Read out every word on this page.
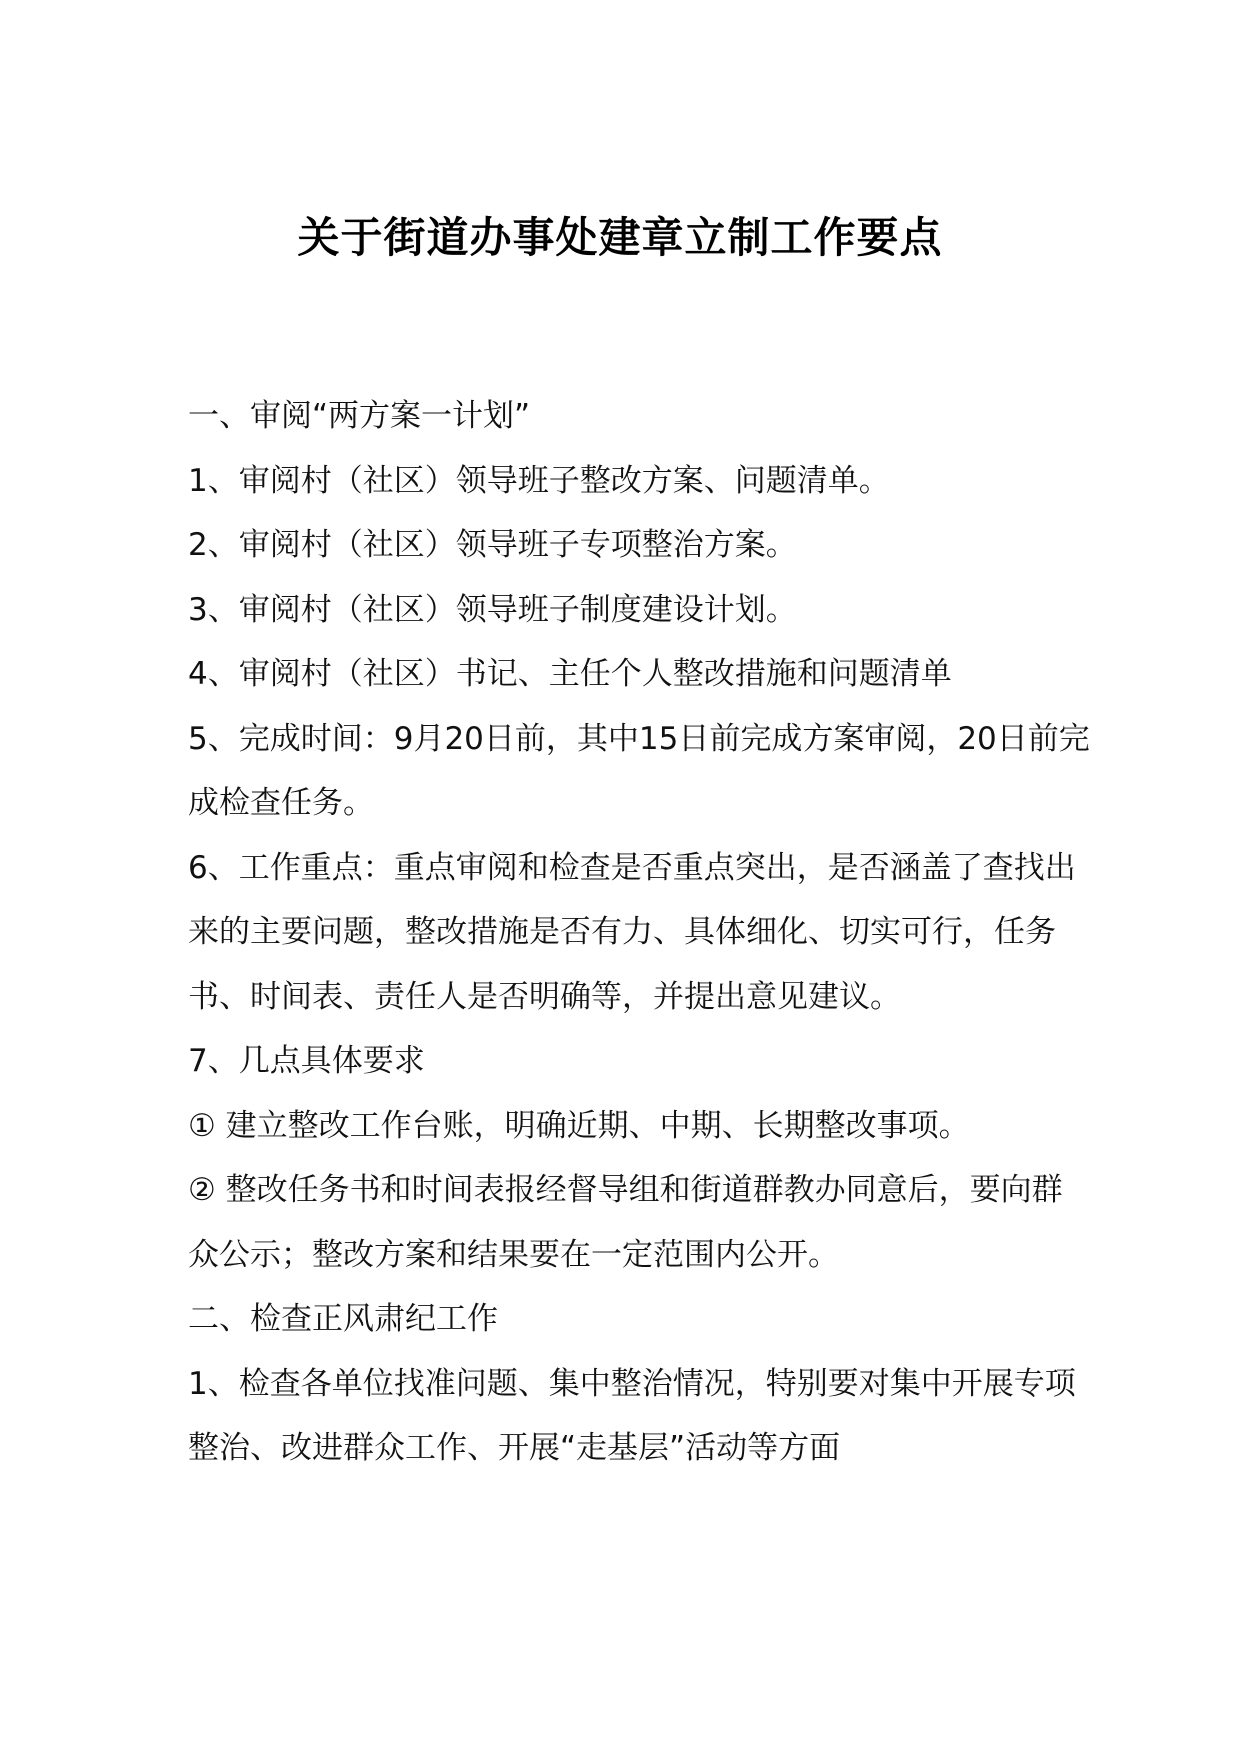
关于街道办事处建章立制工作要点

一、审阅“两方案一计划”

1、审阅村（社区）领导班子整改方案、问题清单。

2、审阅村（社区）领导班子专项整治方案。

3、审阅村（社区）领导班子制度建设计划。

4、审阅村（社区）书记、主任个人整改措施和问题清单

5、完成时间：9月20日前，其中15日前完成方案审阅，20日前完成检查任务。

6、工作重点：重点审阅和检查是否重点突出，是否涵盖了查找出来的主要问题，整改措施是否有力、具体细化、切实可行，任务书、时间表、责任人是否明确等，并提出意见建议。

7、几点具体要求

① 建立整改工作台账，明确近期、中期、长期整改事项。

② 整改任务书和时间表报经督导组和街道群教办同意后，要向群众公示；整改方案和结果要在一定范围内公开。

二、检查正风肃纪工作

1、检查各单位找准问题、集中整治情况，特别要对集中开展专项整治、改进群众工作、开展“走基层”活动等方面
